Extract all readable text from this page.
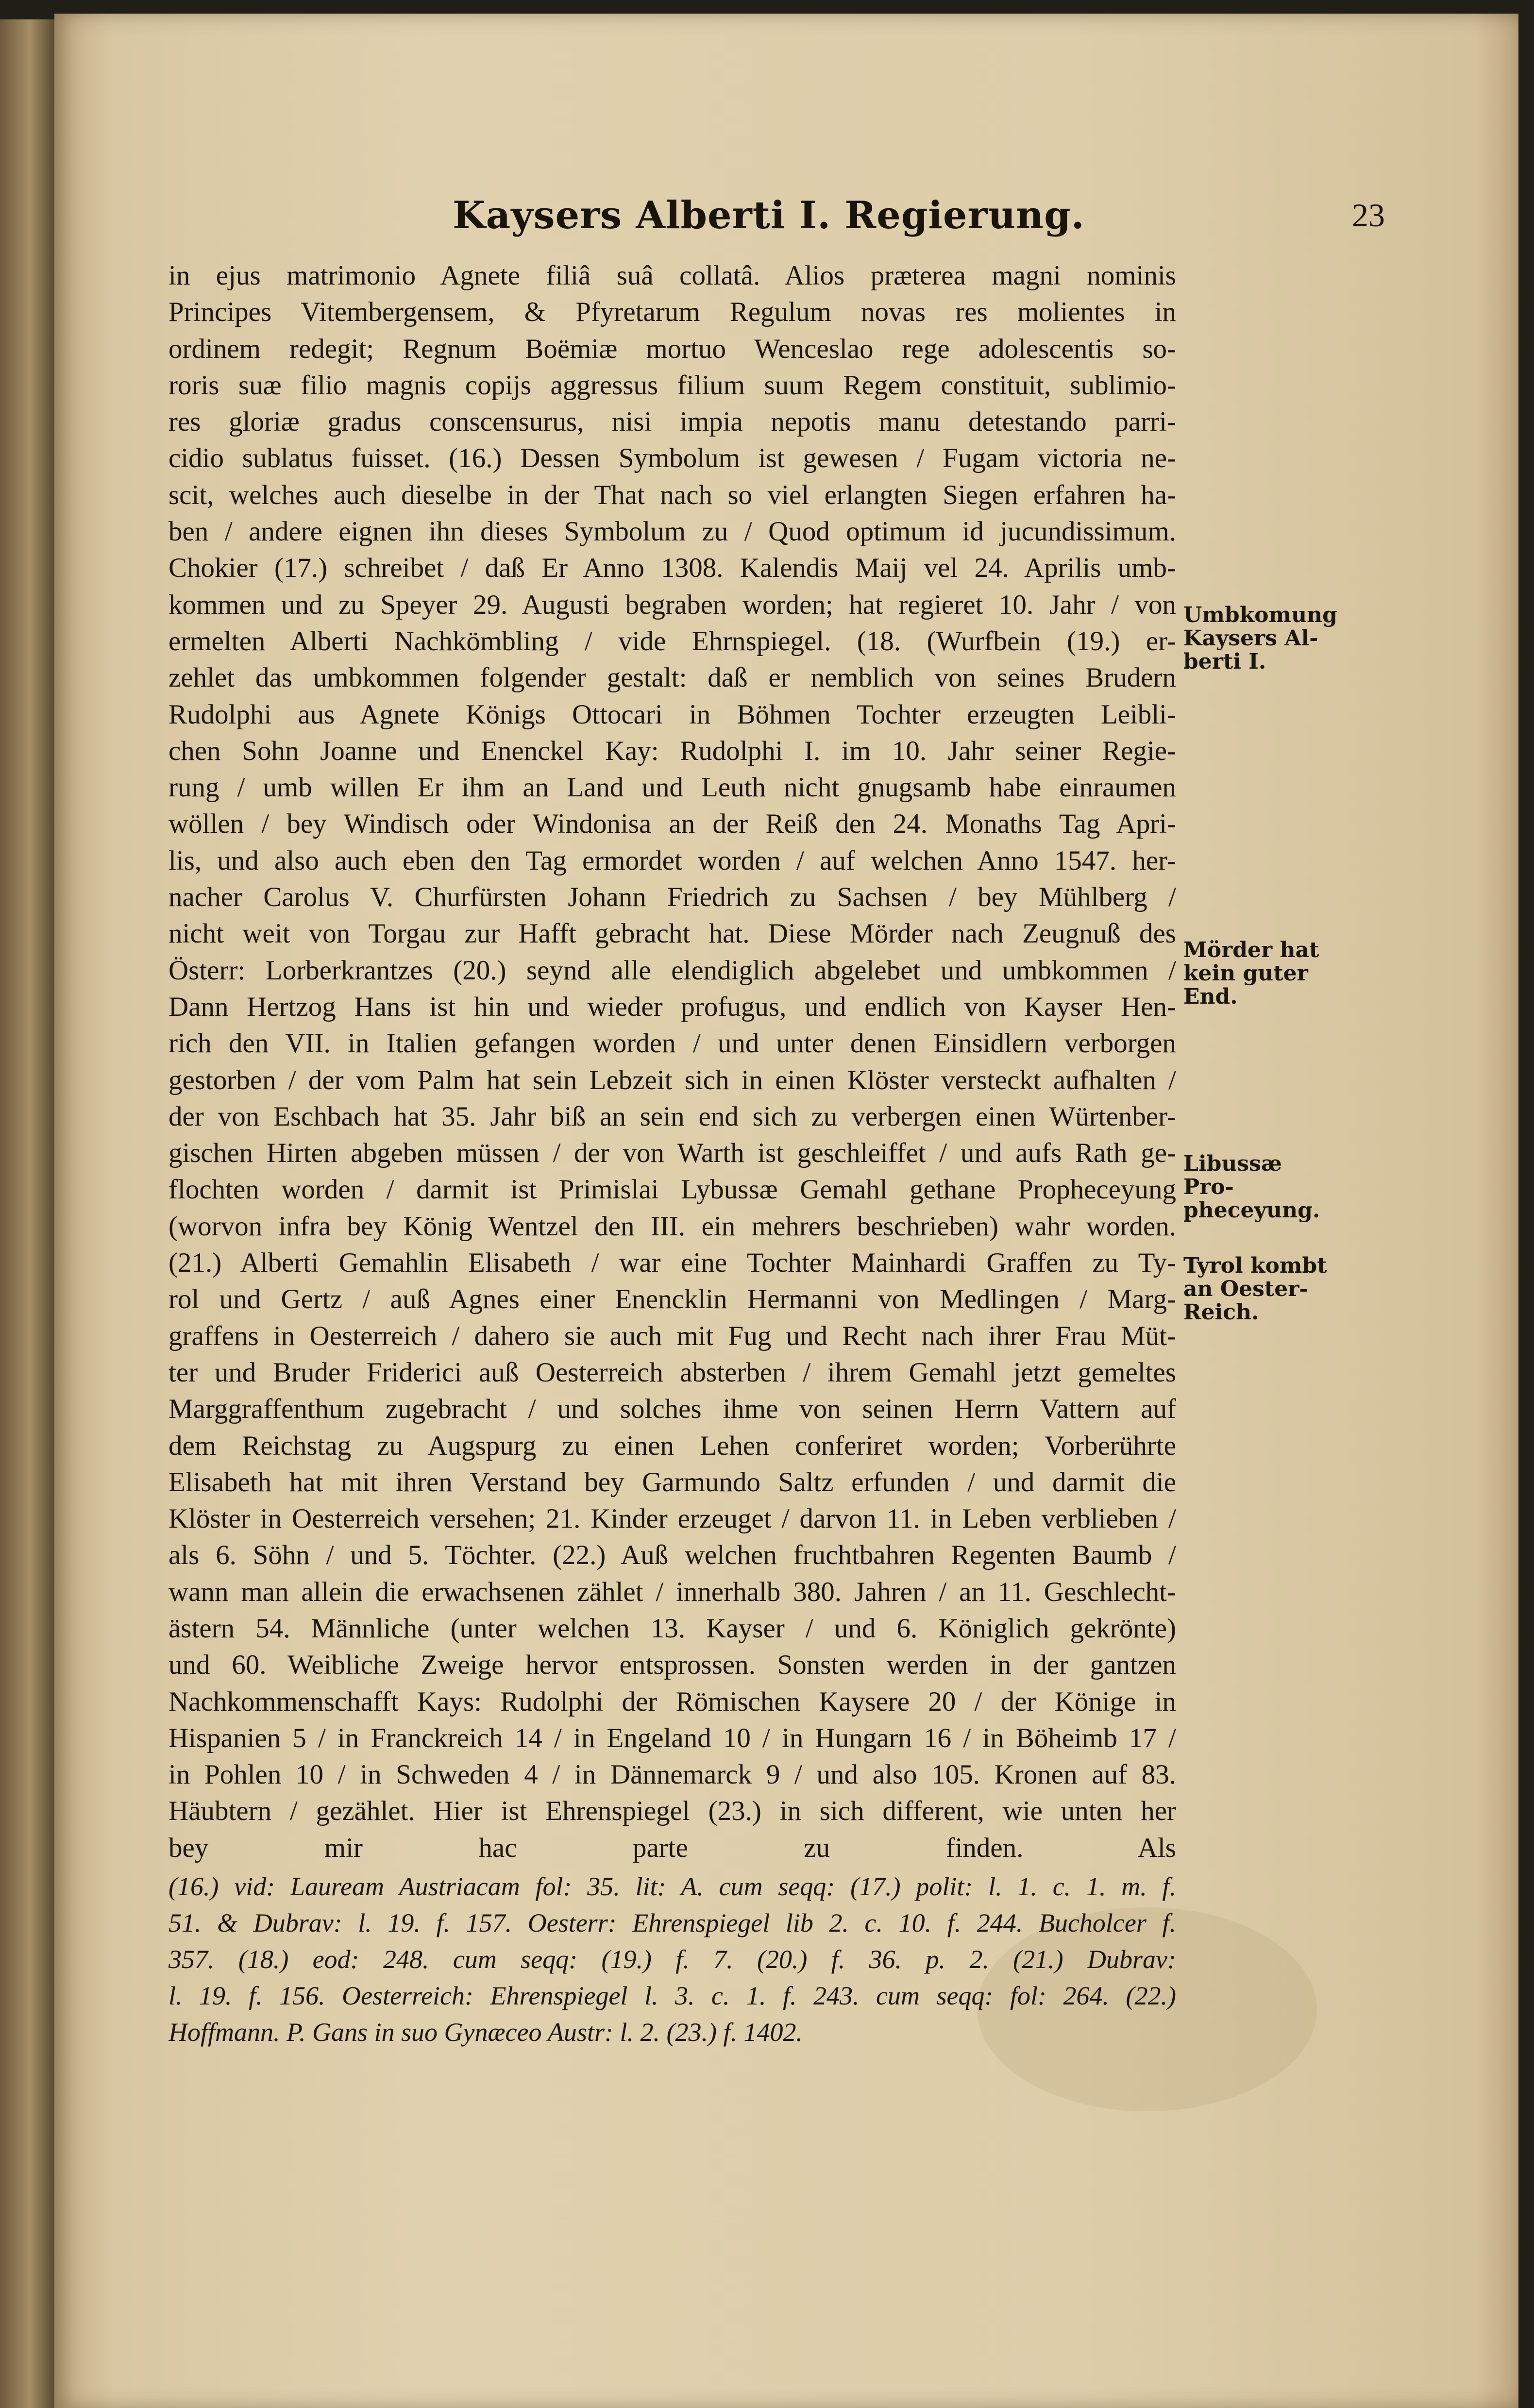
Kaysers Alberti I. Regierung.	23
in ejus matrimonio Agnete filiâ suâ collatâ. Alios præterea magni nominis
Principes Vitembergensem, & Pfyretarum Regulum novas res molientes in
ordinem redegit; Regnum Boëmiæ mortuo Wenceslao rege adolescentis so-
roris suæ filio magnis copijs aggressus filium suum Regem constituit, sublimio-
res gloriæ gradus conscensurus, nisi impia nepotis manu detestando parri-
cidio sublatus fuisset. (16.) Dessen Symbolum ist gewesen / Fugam victoria ne-
scit, welches auch dieselbe in der That nach so viel erlangten Siegen erfahren ha-
ben / andere eignen ihn dieses Symbolum zu / Quod optimum id jucundissimum.
Chokier (17.) schreibet / daß Er Anno 1308. Kalendis Maij vel 24. Aprilis umb-
kommen und zu Speyer 29. Augusti begraben worden; hat regieret 10. Jahr / von
ermelten Alberti Nachkömbling / vide Ehrnspiegel. (18. (Wurfbein (19.) er-
zehlet das umbkommen folgender gestalt: daß er nemblich von seines Brudern
Rudolphi aus Agnete Königs Ottocari in Böhmen Tochter erzeugten Leibli-
chen Sohn Joanne und Enenckel Kay: Rudolphi I. im 10. Jahr seiner Regie-
rung / umb willen Er ihm an Land und Leuth nicht gnugsamb habe einraumen
wöllen / bey Windisch oder Windonisa an der Reiß den 24. Monaths Tag Apri-
lis, und also auch eben den Tag ermordet worden / auf welchen Anno 1547. her-
nacher Carolus V. Churfürsten Johann Friedrich zu Sachsen / bey Mühlberg /
nicht weit von Torgau zur Hafft gebracht hat. Diese Mörder nach Zeugnuß des
Österr: Lorberkrantzes (20.) seynd alle elendiglich abgelebet und umbkommen /
Dann Hertzog Hans ist hin und wieder profugus, und endlich von Kayser Hen-
rich den VII. in Italien gefangen worden / und unter denen Einsidlern verborgen
gestorben / der vom Palm hat sein Lebzeit sich in einen Klöster versteckt aufhalten /
der von Eschbach hat 35. Jahr biß an sein end sich zu verbergen einen Würtenber-
gischen Hirten abgeben müssen / der von Warth ist geschleiffet / und aufs Rath ge-
flochten worden / darmit ist Primislai Lybussæ Gemahl gethane Propheceyung
(worvon infra bey König Wentzel den III. ein mehrers beschrieben) wahr worden.
(21.) Alberti Gemahlin Elisabeth / war eine Tochter Mainhardi Graffen zu Ty-
rol und Gertz / auß Agnes einer Enencklin Hermanni von Medlingen / Marg-
graffens in Oesterreich / dahero sie auch mit Fug und Recht nach ihrer Frau Müt-
ter und Bruder Friderici auß Oesterreich absterben / ihrem Gemahl jetzt gemeltes
Marggraffenthum zugebracht / und solches ihme von seinen Herrn Vattern auf
dem Reichstag zu Augspurg zu einen Lehen conferiret worden; Vorberührte
Elisabeth hat mit ihren Verstand bey Garmundo Saltz erfunden / und darmit die
Klöster in Oesterreich versehen; 21. Kinder erzeuget / darvon 11. in Leben verblieben /
als 6. Söhn / und 5. Töchter. (22.) Auß welchen fruchtbahren Regenten Baumb /
wann man allein die erwachsenen zählet / innerhalb 380. Jahren / an 11. Geschlecht-
ästern 54. Männliche (unter welchen 13. Kayser / und 6. Königlich gekrönte)
und 60. Weibliche Zweige hervor entsprossen. Sonsten werden in der gantzen
Nachkommenschafft Kays: Rudolphi der Römischen Kaysere 20 / der Könige in
Hispanien 5 / in Franckreich 14 / in Engeland 10 / in Hungarn 16 / in Böheimb 17 /
in Pohlen 10 / in Schweden 4 / in Dännemarck 9 / und also 105. Kronen auf 83.
Häubtern / gezählet. Hier ist Ehrenspiegel (23.) in sich different, wie unten her
bey mir hac parte zu finden. Als
Umbkomung
Kaysers Al-
berti I.
Mörder hat
kein guter
End.
Libussæ Pro-
pheceyung.
Tyrol kombt
an Oester-
Reich.
(16.) vid: Lauream Austriacam fol: 35. lit: A. cum seqq: (17.) polit: l. 1. c. 1. m. f.
51. & Dubrav: l. 19. f. 157. Oesterr: Ehrenspiegel lib 2. c. 10. f. 244. Bucholcer f.
357. (18.) eod: 248. cum seqq: (19.) f. 7. (20.) f. 36. p. 2. (21.) Dubrav:
l. 19. f. 156. Oesterreich: Ehrenspiegel l. 3. c. 1. f. 243. cum seqq: fol: 264. (22.)
Hoffmann. P. Gans in suo Gynæceo Austr: l. 2. (23.) f. 1402.
